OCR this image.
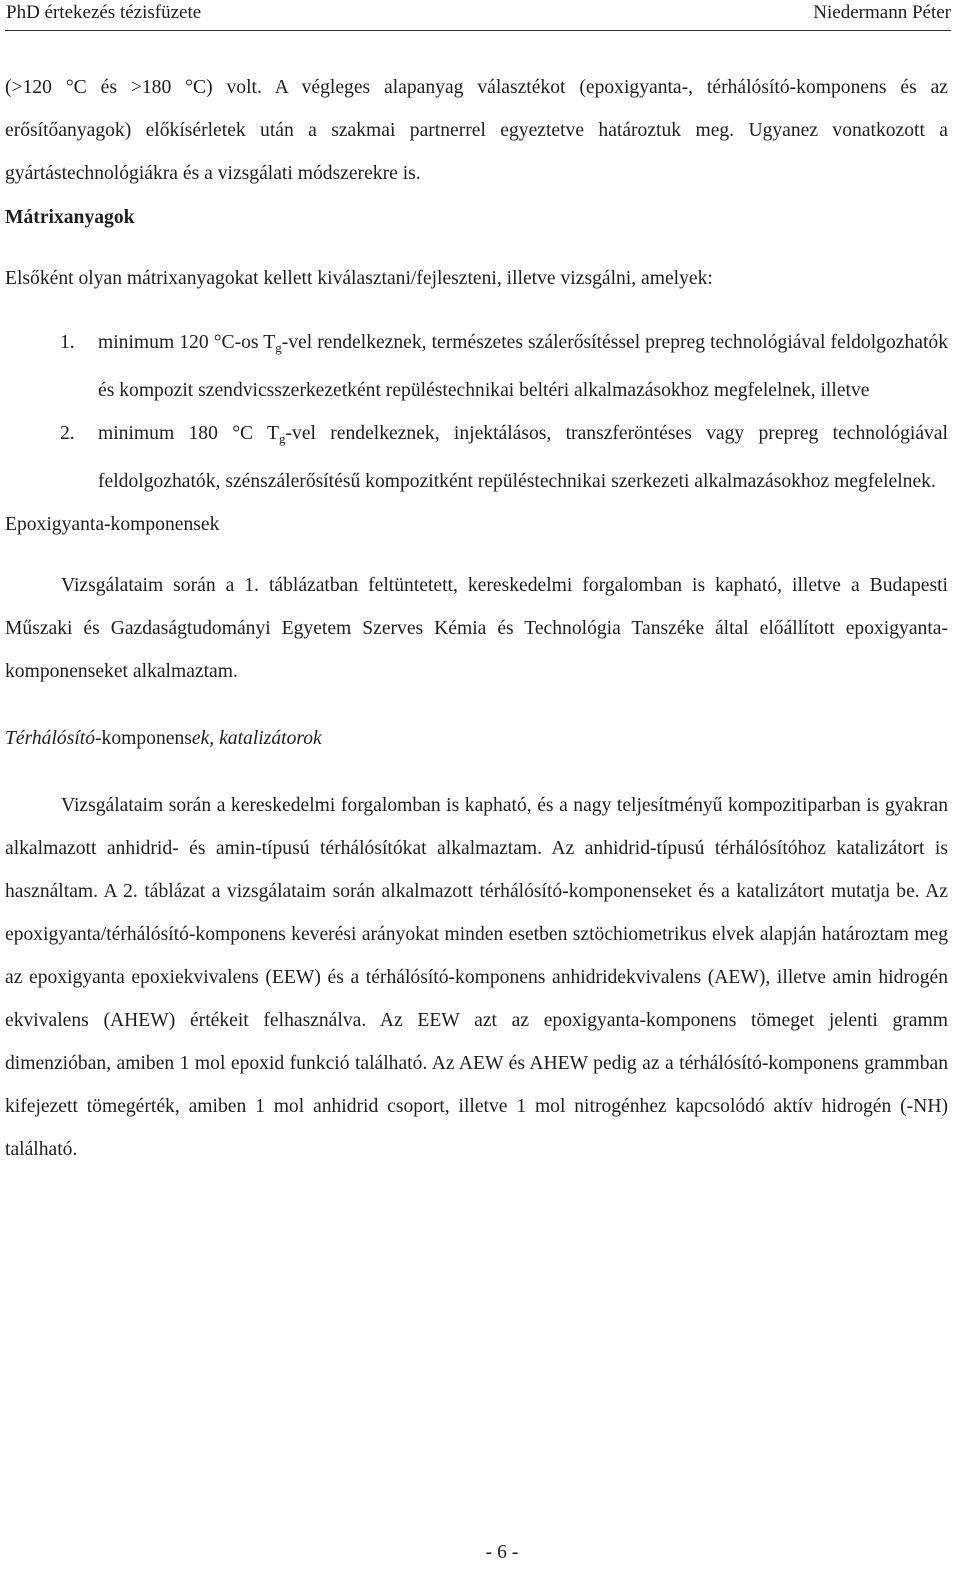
PhD értekezés tézisfüzete	Niedermann Péter

(>120 °C és >180 °C) volt. A végleges alapanyag választékot (epoxigyanta-, térhálósító-komponens és az erősítőanyagok) előkísérletek után a szakmai partnerrel egyeztetve határoztuk meg. Ugyanez vonatkozott a gyártástechnológiákra és a vizsgálati módszerekre is.

Mátrixanyagok

Elsőként olyan mátrixanyagokat kellett kiválasztani/fejleszteni, illetve vizsgálni, amelyek:

1. minimum 120 °C-os $T_g$-vel rendelkeznek, természetes szálerősítéssel prepreg technológiával feldolgozhatók és kompozit szendvicsszerkezetként repüléstechnikai beltéri alkalmazásokhoz megfelelnek, illetve
2. minimum 180 °C $T_g$-vel rendelkeznek, injektálásos, transzferöntéses vagy prepreg technológiával feldolgozhatók, szénszálerősítésű kompozitként repüléstechnikai szerkezeti alkalmazásokhoz megfelelnek.

Epoxigyanta-komponensek

Vizsgálataim során a 1. táblázatban feltüntetett, kereskedelmi forgalomban is kapható, illetve a Budapesti Műszaki és Gazdaságtudományi Egyetem Szerves Kémia és Technológia Tanszéke által előállított epoxigyanta-komponenseket alkalmaztam.

Térhálósító-komponensek, katalizátorok

Vizsgálataim során a kereskedelmi forgalomban is kapható, és a nagy teljesítményű kompozitiparban is gyakran alkalmazott anhidrid- és amin-típusú térhálósítókat alkalmaztam. Az anhidrid-típusú térhálósítóhoz katalizátort is használtam. A 2. táblázat a vizsgálataim során alkalmazott térhálósító-komponenseket és a katalizátort mutatja be. Az epoxigyanta/térhálósító-komponens keverési arányokat minden esetben sztöchiometrikus elvek alapján határoztam meg az epoxigyanta epoxiekvivalens (EEW) és a térhálósító-komponens anhidridekvivalens (AEW), illetve amin hidrogén ekvivalens (AHEW) értékeit felhasználva. Az EEW azt az epoxigyanta-komponens tömeget jelenti gramm dimenzióban, amiben 1 mol epoxid funkció található. Az AEW és AHEW pedig az a térhálósító-komponens grammban kifejezett tömegérték, amiben 1 mol anhidrid csoport, illetve 1 mol nitrogénhez kapcsolódó aktív hidrogén (-NH) található.

- 6 -
